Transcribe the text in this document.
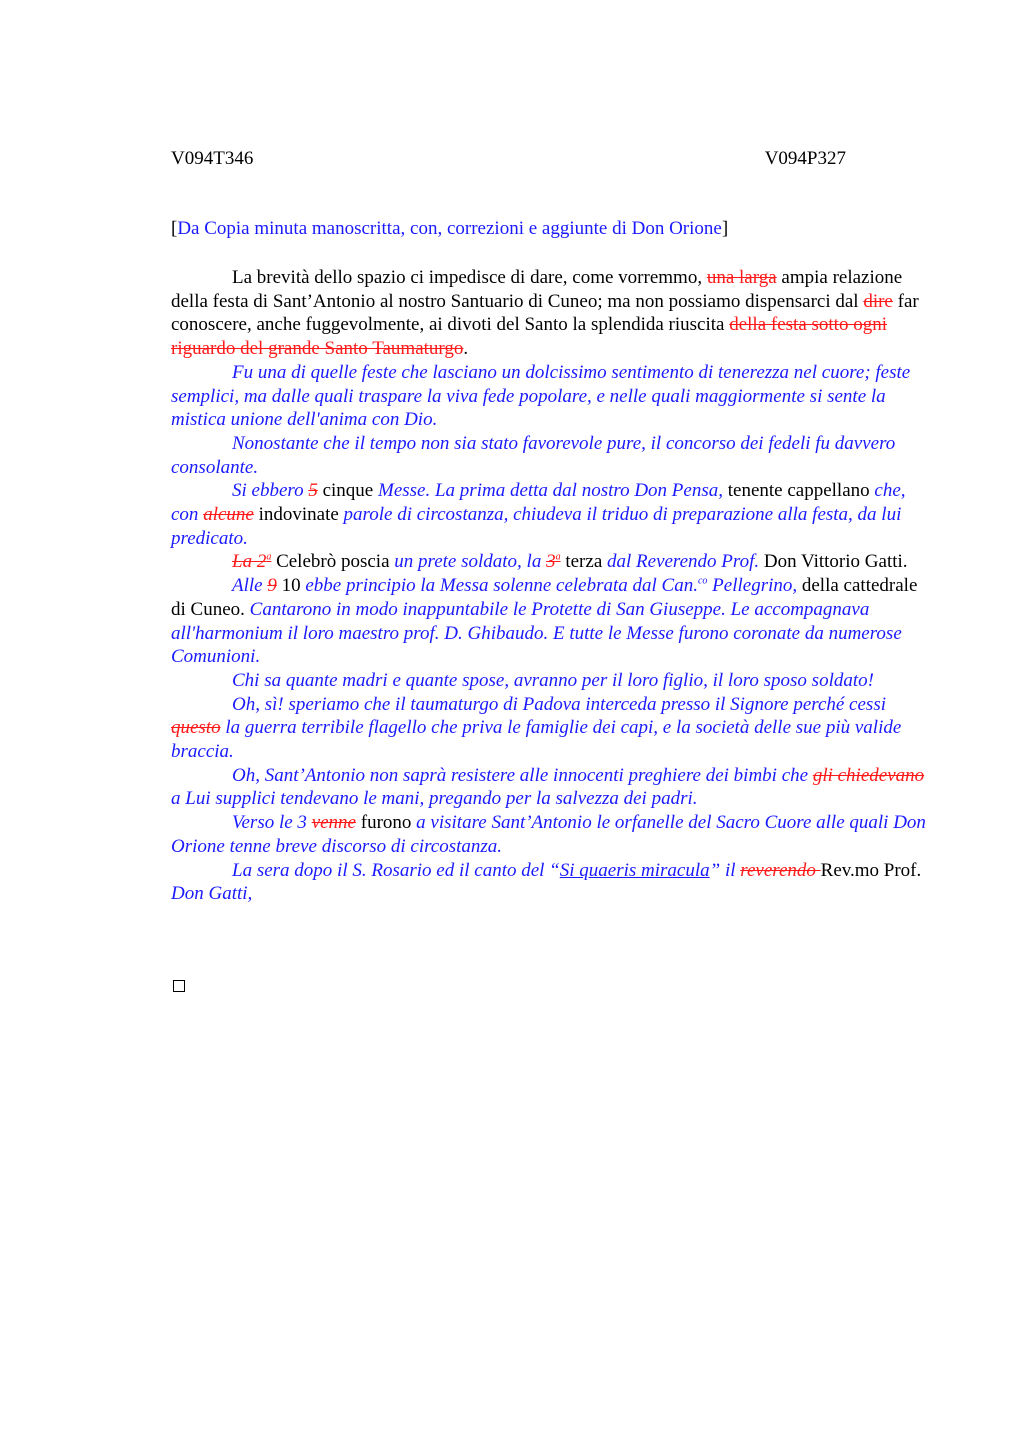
V094T346	V094P327
[Da Copia minuta manoscritta, con, correzioni e aggiunte di Don Orione]

La brevità dello spazio ci impedisce di dare, come vorremmo, una larga ampia relazione della festa di Sant’Antonio al nostro Santuario di Cuneo; ma non possiamo dispensarci dal dire far conoscere, anche fuggevolmente, ai divoti del Santo la splendida riuscita della festa sotto ogni riguardo del grande Santo Taumaturgo.

Fu una di quelle feste che lasciano un dolcissimo sentimento di tenerezza nel cuore; feste semplici, ma dalle quali traspare la viva fede popolare, e nelle quali maggiormente si sente la mistica unione dell'anima con Dio.

Nonostante che il tempo non sia stato favorevole pure, il concorso dei fedeli fu davvero consolante.

Si ebbero 5 cinque Messe. La prima detta dal nostro Don Pensa, tenente cappellano che, con alcune indovinate parole di circostanza, chiudeva il triduo di preparazione alla festa, da lui predicato.

La 2$^a$ Celebrò poscia un prete soldato, la 3$^a$ terza dal Reverendo Prof. Don Vittorio Gatti.

Alle 9 10 ebbe principio la Messa solenne celebrata dal Can.$^{co}$ Pellegrino, della cattedrale di Cuneo. Cantarono in modo inappuntabile le Protette di San Giuseppe. Le accompagnava all'harmonium il loro maestro prof. D. Ghibaudo. E tutte le Messe furono coronate da numerose Comunioni.

Chi sa quante madri e quante spose, avranno per il loro figlio, il loro sposo soldato!

Oh, sì! speriamo che il taumaturgo di Padova interceda presso il Signore perché cessi questo la guerra terribile flagello che priva le famiglie dei capi, e la società delle sue più valide braccia.

Oh, Sant’Antonio non saprà resistere alle innocenti preghiere dei bimbi che gli chiedevano a Lui supplici tendevano le mani, pregando per la salvezza dei padri.

Verso le 3 venne furono a visitare Sant’Antonio le orfanelle del Sacro Cuore alle quali Don Orione tenne breve discorso di circostanza.

La sera dopo il S. Rosario ed il canto del “Si quaeris miracula” il reverendo Rev.mo Prof. Don Gatti,
